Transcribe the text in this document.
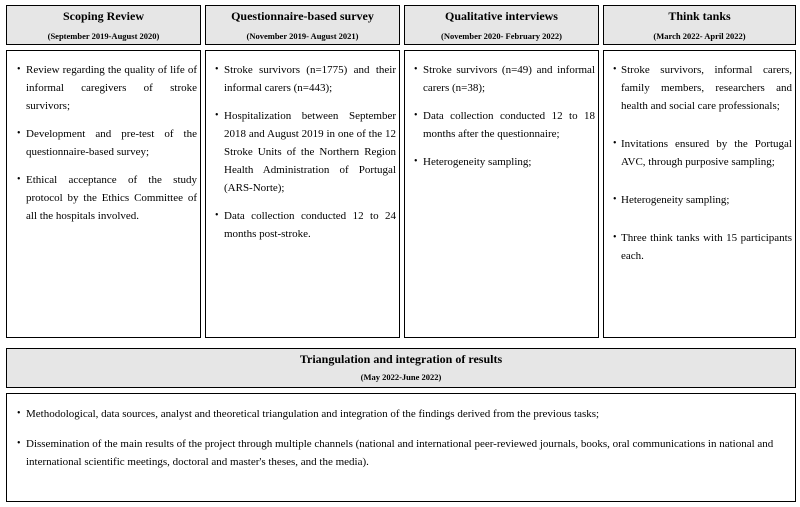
Scoping Review
(September 2019-August 2020)
• Review regarding the quality of life of informal caregivers of stroke survivors;
• Development and pre-test of the questionnaire-based survey;
• Ethical acceptance of the study protocol by the Ethics Committee of all the hospitals involved.
Questionnaire-based survey
(November 2019- August 2021)
• Stroke survivors (n=1775) and their informal carers (n=443);
• Hospitalization between September 2018 and August 2019 in one of the 12 Stroke Units of the Northern Region Health Administration of Portugal (ARS-Norte);
• Data collection conducted 12 to 24 months post-stroke.
Qualitative interviews
(November 2020- February 2022)
• Stroke survivors (n=49) and informal carers (n=38);
• Data collection conducted 12 to 18 months after the questionnaire;
• Heterogeneity sampling;
Think tanks
(March 2022- April 2022)
• Stroke survivors, informal carers, family members, researchers and health and social care professionals;
• Invitations ensured by the Portugal AVC, through purposive sampling;
• Heterogeneity sampling;
• Three think tanks with 15 participants each.
Triangulation and integration of results
(May 2022-June 2022)
• Methodological, data sources, analyst and theoretical triangulation and integration of the findings derived from the previous tasks;
• Dissemination of the main results of the project through multiple channels (national and international peer-reviewed journals, books, oral communications in national and international scientific meetings, doctoral and master's theses, and the media).
